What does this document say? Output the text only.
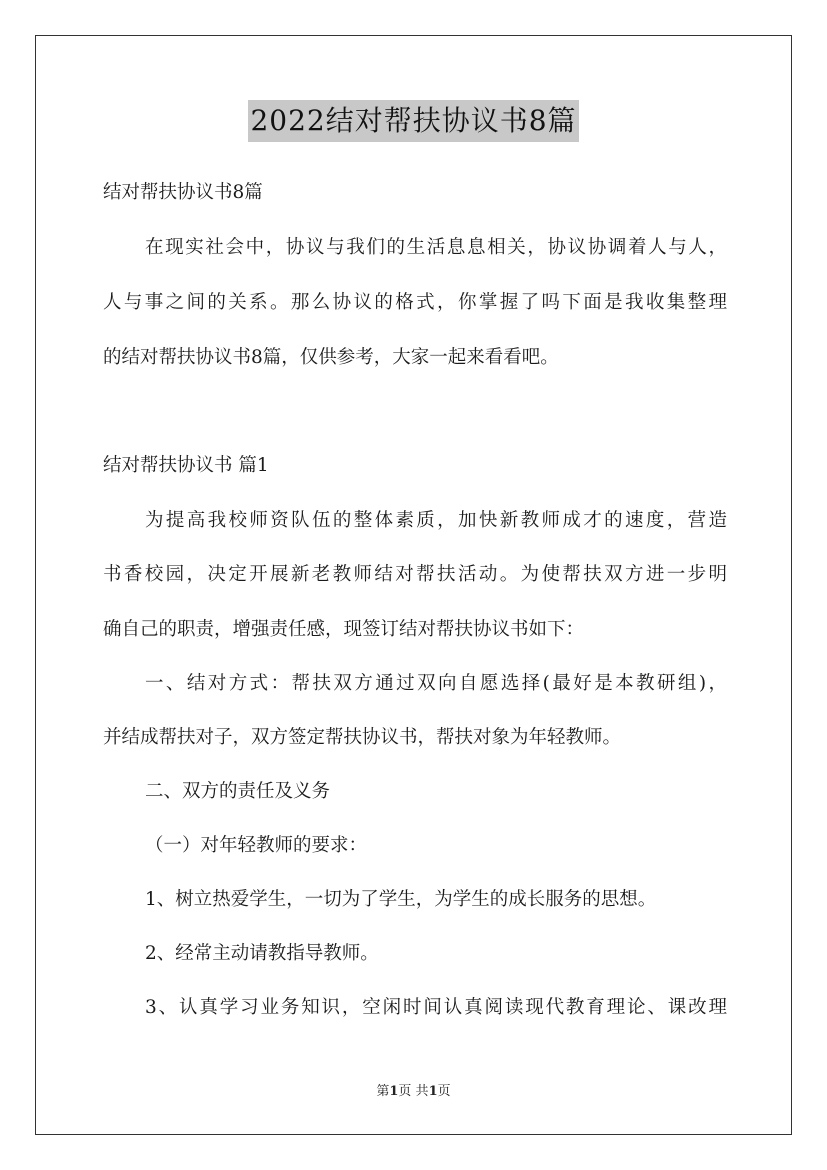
2022结对帮扶协议书8篇
结对帮扶协议书8篇
在现实社会中，协议与我们的生活息息相关，协议协调着人与人，
人与事之间的关系。那么协议的格式，你掌握了吗下面是我收集整理
的结对帮扶协议书8篇，仅供参考，大家一起来看看吧。
结对帮扶协议书 篇1
为提高我校师资队伍的整体素质，加快新教师成才的速度，营造
书香校园，决定开展新老教师结对帮扶活动。为使帮扶双方进一步明
确自己的职责，增强责任感，现签订结对帮扶协议书如下：
一、结对方式：帮扶双方通过双向自愿选择(最好是本教研组)，
并结成帮扶对子，双方签定帮扶协议书，帮扶对象为年轻教师。
二、双方的责任及义务
（一）对年轻教师的要求：
1、树立热爱学生，一切为了学生，为学生的成长服务的思想。
2、经常主动请教指导教师。
3、认真学习业务知识，空闲时间认真阅读现代教育理论、课改理
第1页 共1页
